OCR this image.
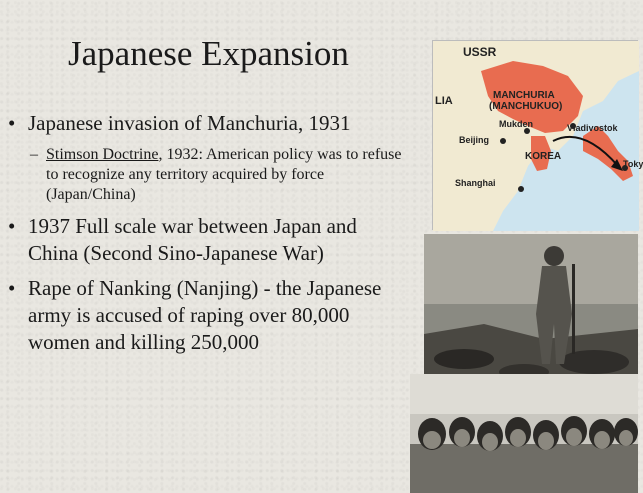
Japanese Expansion
• Japanese invasion of Manchuria, 1931
– Stimson Doctrine, 1932: American policy was to refuse to recognize any territory acquired by force (Japan/China)
• 1937 Full scale war between Japan and China (Second Sino-Japanese War)
• Rape of Nanking (Nanjing) - the Japanese army is accused of raping over 80,000 women and killing 250,000
USSR
LIA	MANCHURIA
(MANCHUKUO)
Mukden	Vladivostok
Beijing
KOREA
Toky
Shanghai
